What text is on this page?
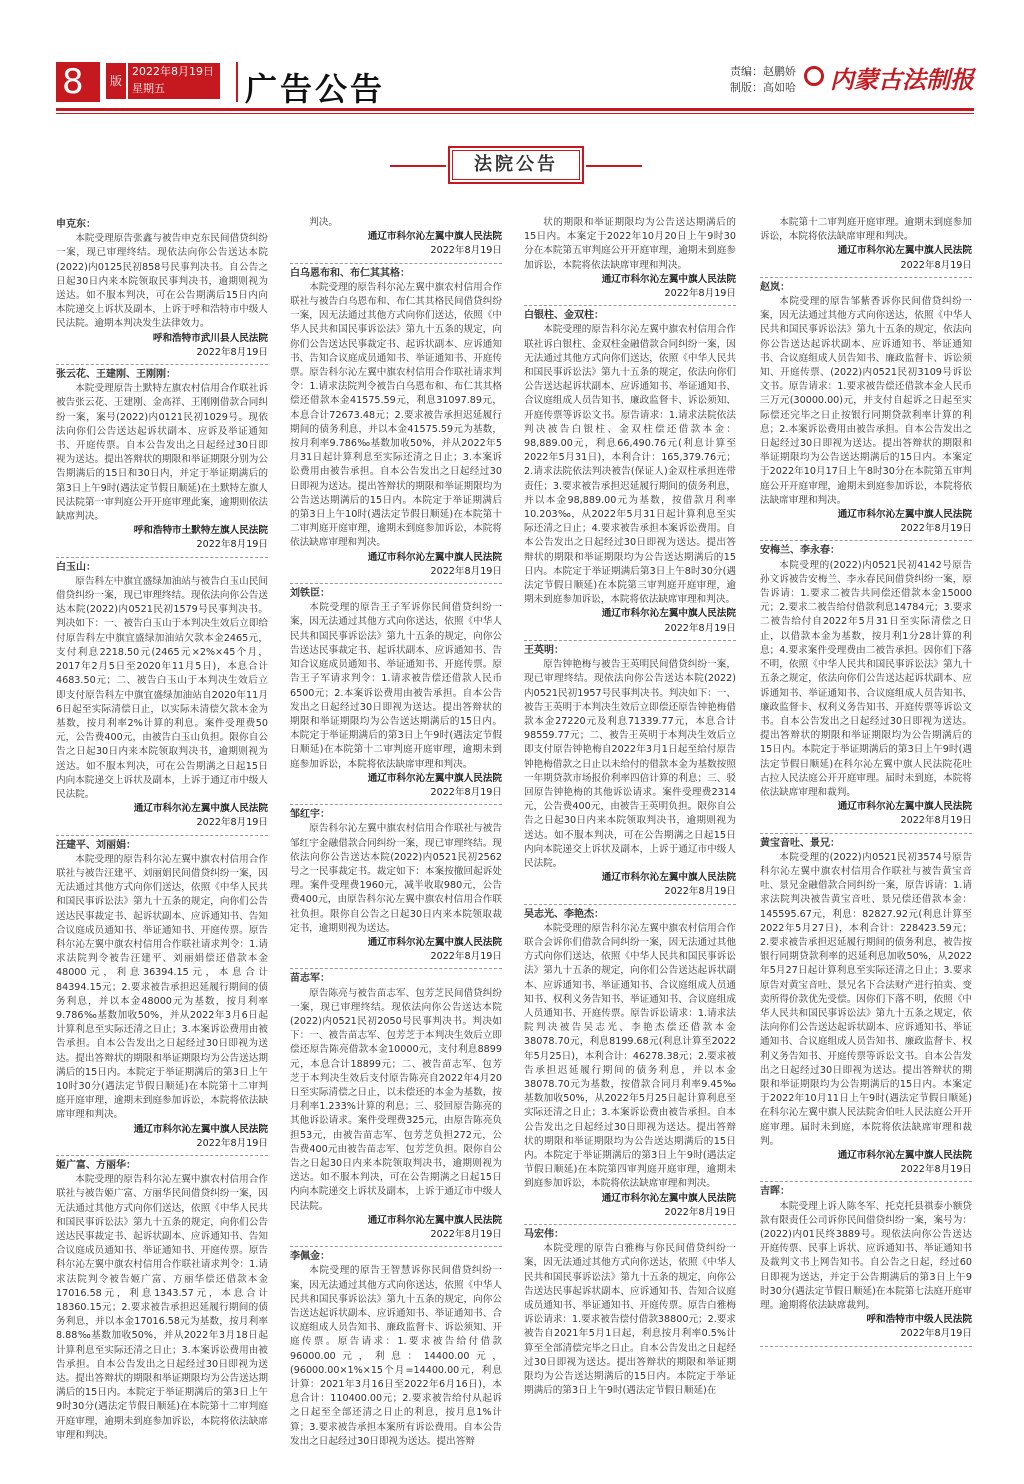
8	版
2022年8月19日
星期五	广告公告	责编：赵鹏娇
制版：高如哈	内蒙古法制报
法院公告

申克东：

本院受理原告张鑫与被告申克东民间借贷纠纷一案，现已审理终结。现依法向你公告送达本院(2022)内0125民初858号民事判决书。自公告之日起30日内来本院领取民事判决书，逾期则视为送达。如不服本判决，可在公告期满后15日内向本院递交上诉状及副本，上诉于呼和浩特市中级人民法院。逾期本判决发生法律效力。

呼和浩特市武川县人民法院

2022年8月19日

张云花、王建刚、王刚刚：

本院受理原告土默特左旗农村信用合作联社诉被告张云花、王建刚、金高祥、王刚刚借款合同纠纷一案，案号(2022)内0121民初1029号。现依法向你们公告送达起诉状副本、应诉及举证通知书、开庭传票。自本公告发出之日起经过30日即视为送达。提出答辩状的期限和举证期限分别为公告期满后的15日和30日内，并定于举证期满后的第3日上午9时(遇法定节假日顺延)在土默特左旗人民法院第一审判庭公开开庭审理此案，逾期则依法缺席判决。

呼和浩特市土默特左旗人民法院

2022年8月19日

白玉山：

原告科左中旗宜盛绿加油站与被告白玉山民间借贷纠纷一案，现已审理终结。现依法向你公告送达本院(2022)内0521民初1579号民事判决书。判决如下：一、被告白玉山于本判决生效后立即给付原告科左中旗宜盛绿加油站欠款本金2465元，支付利息2218.50元(2465元×2%×45个月，2017年2月5日至2020年11月5日)，本息合计4683.50元；二、被告白玉山于本判决生效后立即支付原告科左中旗宜盛绿加油站自2020年11月6日起至实际清偿日止，以实际未清偿欠款本金为基数，按月利率2%计算的利息。案件受理费50元，公告费400元，由被告白玉山负担。限你自公告之日起30日内来本院领取判决书，逾期则视为送达。如不服本判决，可在公告期满之日起15日内向本院递交上诉状及副本，上诉于通辽市中级人民法院。

通辽市科尔沁左翼中旗人民法院

2022年8月19日

汪建平、刘丽娟：

本院受理的原告科尔沁左翼中旗农村信用合作联社与被告汪建平、刘丽娟民间借贷纠纷一案，因无法通过其他方式向你们送达，依照《中华人民共和国民事诉讼法》第九十五条的规定，向你们公告送达民事裁定书、起诉状副本、应诉通知书、告知合议庭成员通知书、举证通知书、开庭传票。原告科尔沁左翼中旗农村信用合作联社请求判令：1.请求法院判令被告汪建平、刘丽娟偿还借款本金48000元，利息36394.15元，本息合计84394.15元；2.要求被告承担迟延履行期间的债务利息，并以本金48000元为基数，按月利率9.786‰基数加收50%，并从2022年3月6日起计算利息至实际还清之日止；3.本案诉讼费用由被告承担。自本公告发出之日起经过30日即视为送达。提出答辩状的期限和举证期限均为公告送达期满后的15日内。本院定于举证期满后的第3日上午10时30分(遇法定节假日顺延)在本院第十二审判庭开庭审理，逾期未到庭参加诉讼，本院将依法缺席审理和判决。

通辽市科尔沁左翼中旗人民法院

2022年8月19日

姬广富、方丽华：

本院受理的原告科尔沁左翼中旗农村信用合作联社与被告姬广富、方丽华民间借贷纠纷一案，因无法通过其他方式向你们送达，依照《中华人民共和国民事诉讼法》第九十五条的规定，向你们公告送达民事裁定书、起诉状副本、应诉通知书、告知合议庭成员通知书、举证通知书、开庭传票。原告科尔沁左翼中旗农村信用合作联社请求判令：1.请求法院判令被告姬广富、方丽华偿还借款本金17016.58元，利息1343.57元，本息合计18360.15元；2.要求被告承担迟延履行期间的债务利息，并以本金17016.58元为基数，按月利率8.88‰基数加收50%，并从2022年3月18日起计算利息至实际还清之日止；3.本案诉讼费用由被告承担。自本公告发出之日起经过30日即视为送达。提出答辩状的期限和举证期限均为公告送达期满后的15日内。本院定于举证期满后的第3日上午9时30分(遇法定节假日顺延)在本院第十二审判庭开庭审理，逾期未到庭参加诉讼，本院将依法缺席审理和判决。

判决。

通辽市科尔沁左翼中旗人民法院

2022年8月19日

白乌恩布和、布仁其其格：

本院受理的原告科尔沁左翼中旗农村信用合作联社与被告白乌恩布和、布仁其其格民间借贷纠纷一案，因无法通过其他方式向你们送达，依照《中华人民共和国民事诉讼法》第九十五条的规定，向你们公告送达民事裁定书、起诉状副本、应诉通知书、告知合议庭成员通知书、举证通知书、开庭传票。原告科尔沁左翼中旗农村信用合作联社请求判令：1.请求法院判令被告白乌恩布和、布仁其其格偿还借款本金41575.59元，利息31097.89元，本息合计72673.48元；2.要求被告承担迟延履行期间的债务利息，并以本金41575.59元为基数，按月利率9.786‰基数加收50%，并从2022年5月31日起计算利息至实际还清之日止；3.本案诉讼费用由被告承担。自本公告发出之日起经过30日即视为送达。提出答辩状的期限和举证期限均为公告送达期满后的15日内。本院定于举证期满后的第3日上午10时(遇法定节假日顺延)在本院第十二审判庭开庭审理，逾期未到庭参加诉讼，本院将依法缺席审理和判决。

通辽市科尔沁左翼中旗人民法院

2022年8月19日

刘铁臣：

本院受理的原告王子军诉你民间借贷纠纷一案，因无法通过其他方式向你送达，依照《中华人民共和国民事诉讼法》第九十五条的规定，向你公告送达民事裁定书、起诉状副本、应诉通知书、告知合议庭成员通知书、举证通知书、开庭传票。原告王子军请求判令：1.请求被告偿还借款人民币6500元；2.本案诉讼费用由被告承担。自本公告发出之日起经过30日即视为送达。提出答辩状的期限和举证期限均为公告送达期满后的15日内。本院定于举证期满后的第3日上午9时(遇法定节假日顺延)在本院第十二审判庭开庭审理，逾期未到庭参加诉讼，本院将依法缺席审理和判决。

通辽市科尔沁左翼中旗人民法院

2022年8月19日

邹红宇：

原告科尔沁左翼中旗农村信用合作联社与被告邹红宇金融借款合同纠纷一案，现已审理终结。现依法向你公告送达本院(2022)内0521民初2562号之一民事裁定书。裁定如下：本案按撤回起诉处理。案件受理费1960元，减半收取980元，公告费400元，由原告科尔沁左翼中旗农村信用合作联社负担。限你自公告之日起30日内来本院领取裁定书，逾期则视为送达。

通辽市科尔沁左翼中旗人民法院

2022年8月19日

苗志军：

原告陈亮与被告苗志军、包芳芝民间借贷纠纷一案，现已审理终结。现依法向你公告送达本院(2022)内0521民初2050号民事判决书。判决如下：一、被告苗志军、包芳芝于本判决生效后立即偿还原告陈亮借款本金10000元，支付利息8899元，本息合计18899元；二、被告苗志军、包芳芝于本判决生效后支付原告陈亮自2022年4月20日至实际清偿之日止，以未偿还的本金为基数，按月利率1.233%计算的利息；三、驳回原告陈亮的其他诉讼请求。案件受理费325元，由原告陈亮负担53元，由被告苗志军、包芳芝负担272元，公告费400元由被告苗志军、包芳芝负担。限你自公告之日起30日内来本院领取判决书，逾期则视为送达。如不服本判决，可在公告期满之日起15日内向本院递交上诉状及副本，上诉于通辽市中级人民法院。

通辽市科尔沁左翼中旗人民法院

2022年8月19日

李佩金：

本院受理的原告王智慧诉你民间借贷纠纷一案，因无法通过其他方式向你送达，依照《中华人民共和国民事诉讼法》第九十五条的规定，向你公告送达起诉状副本、应诉通知书、举证通知书、合议庭组成人员告知书、廉政监督卡、诉讼须知、开庭传票。原告请求：1.要求被告给付借款96000.00元，利息：14400.00元，(96000.00×1%×15个月=14400.00元，利息计算：2021年3月16日至2022年6月16日)，本息合计：110400.00元；2.要求被告给付从起诉之日起至全部还清之日止的利息，按月息1%计算；3.要求被告承担本案所有诉讼费用。自本公告发出之日起经过30日即视为送达。提出答辩

状的期限和举证期限均为公告送达期满后的15日内。本案定于2022年10月20日上午9时30分在本院第五审判庭公开开庭审理，逾期未到庭参加诉讼，本院将依法缺席审理和判决。

通辽市科尔沁左翼中旗人民法院

2022年8月19日

白银柱、金双柱：

本院受理的原告科尔沁左翼中旗农村信用合作联社诉白银柱、金双柱金融借款合同纠纷一案，因无法通过其他方式向你们送达，依照《中华人民共和国民事诉讼法》第九十五条的规定，依法向你们公告送达起诉状副本、应诉通知书、举证通知书、合议庭组成人员告知书、廉政监督卡、诉讼须知、开庭传票等诉讼文书。原告请求：1.请求法院依法判决被告白银柱、金双柱偿还借款本金：98,889.00元，利息66,490.76元(利息计算至2022年5月31日)，本利合计：165,379.76元；2.请求法院依法判决被告(保证人)金双柱承担连带责任；3.要求被告承担迟延履行期间的债务利息，并以本金98,889.00元为基数，按借款月利率10.203‰，从2022年5月31日起计算利息至实际还清之日止；4.要求被告承担本案诉讼费用。自本公告发出之日起经过30日即视为送达。提出答辩状的期限和举证期限均为公告送达期满后的15日内。本院定于举证期满后第3日上午8时30分(遇法定节假日顺延)在本院第三审判庭开庭审理，逾期未到庭参加诉讼，本院将依法缺席审理和判决。

通辽市科尔沁左翼中旗人民法院

2022年8月19日

王英明：

原告钟艳梅与被告王英明民间借贷纠纷一案，现已审理终结。现依法向你公告送达本院(2022)内0521民初1957号民事判决书。判决如下：一、被告王英明于本判决生效后立即偿还原告钟艳梅借款本金27220元及利息71339.77元，本息合计98559.77元；二、被告王英明于本判决生效后立即支付原告钟艳梅自2022年3月1日起至给付原告钟艳梅借款之日止以未给付的借款本金为基数按照一年期贷款市场报价利率四倍计算的利息；三、驳回原告钟艳梅的其他诉讼请求。案件受理费2314元，公告费400元，由被告王英明负担。限你自公告之日起30日内来本院领取判决书，逾期则视为送达。如不服本判决，可在公告期满之日起15日内向本院递交上诉状及副本，上诉于通辽市中级人民法院。

通辽市科尔沁左翼中旗人民法院

2022年8月19日

吴志光、李艳杰：

本院受理的原告科尔沁左翼中旗农村信用合作联合会诉你们借款合同纠纷一案，因无法通过其他方式向你们送达，依照《中华人民共和国民事诉讼法》第九十五条的规定，向你们公告送达起诉状副本、应诉通知书、举证通知书、合议庭组成人员通知书、权利义务告知书、举证通知书、合议庭组成人员通知书、开庭传票。原告诉讼请求：1.请求法院判决被告吴志光、李艳杰偿还借款本金38078.70元，利息8199.68元(利息计算至2022年5月25日)，本利合计：46278.38元；2.要求被告承担迟延履行期间的债务利息，并以本金38078.70元为基数，按借款合同月利率9.45‰基数加收50%，从2022年5月25日起计算利息至实际还清之日止；3.本案诉讼费由被告承担。自本公告发出之日起经过30日即视为送达。提出答辩状的期限和举证期限均为公告送达期满后的15日内。本院定于举证期满后的第3日上午9时(遇法定节假日顺延)在本院第四审判庭开庭审理，逾期未到庭参加诉讼，本院将依法缺席审理和判决。

通辽市科尔沁左翼中旗人民法院

2022年8月19日

马宏伟：

本院受理的原告白雅梅与你民间借贷纠纷一案，因无法通过其他方式向你送达，依照《中华人民共和国民事诉讼法》第九十五条的规定，向你公告送达民事起诉状副本、应诉通知书、告知合议庭成员通知书、举证通知书、开庭传票。原告白雅梅诉讼请求：1.要求被告偿付借款38800元；2.要求被告自2021年5月1日起，利息按月利率0.5%计算至全部清偿完毕之日止。自本公告发出之日起经过30日即视为送达。提出答辩状的期限和举证期限均为公告送达期满后的15日内。本院定于举证期满后的第3日上午9时(遇法定节假日顺延)在

本院第十二审判庭开庭审理。逾期未到庭参加诉讼，本院将依法缺席审理和判决。

通辽市科尔沁左翼中旗人民法院

2022年8月19日

赵岚：

本院受理的原告邹紫香诉你民间借贷纠纷一案，因无法通过其他方式向你送达，依照《中华人民共和国民事诉讼法》第九十五条的规定，依法向你公告送达起诉状副本、应诉通知书、举证通知书、合议庭组成人员告知书、廉政监督卡、诉讼须知、开庭传票、(2022)内0521民初3109号诉讼文书。原告请求：1.要求被告偿还借款本金人民币三万元(30000.00)元，并支付自起诉之日起至实际偿还完毕之日止按银行同期贷款利率计算的利息；2.本案诉讼费用由被告承担。自本公告发出之日起经过30日即视为送达。提出答辩状的期限和举证期限均为公告送达期满后的15日内。本案定于2022年10月17日上午8时30分在本院第五审判庭公开开庭审理，逾期未到庭参加诉讼，本院将依法缺席审理和判决。

通辽市科尔沁左翼中旗人民法院

2022年8月19日

安梅兰、李永春：

本院受理的(2022)内0521民初4142号原告孙文诉被告安梅兰、李永春民间借贷纠纷一案，原告诉请：1.要求二被告共同偿还借款本金15000元；2.要求二被告给付借款利息14784元；3.要求二被告给付自2022年5月31日至实际清偿之日止，以借款本金为基数，按月利1分28计算的利息；4.要求案件受理费由二被告承担。因你们下落不明，依照《中华人民共和国民事诉讼法》第九十五条之规定，依法向你们公告送达起诉状副本、应诉通知书、举证通知书、合议庭组成人员告知书、廉政监督卡、权利义务告知书、开庭传票等诉讼文书。自本公告发出之日起经过30日即视为送达。提出答辩状的期限和举证期限均为公告期满后的15日内。本院定于举证期满后的第3日上午9时(遇法定节假日顺延)在科尔沁左翼中旗人民法院花吐古拉人民法庭公开开庭审理。届时未到庭，本院将依法缺席审理和裁判。

通辽市科尔沁左翼中旗人民法院

2022年8月19日

黄宝音吐、景兄：

本院受理的(2022)内0521民初3574号原告科尔沁左翼中旗农村信用合作联社与被告黄宝音吐、景兄金融借款合同纠纷一案，原告诉请：1.请求法院判决被告黄宝音吐、景兄偿还借款本金：145595.67元，利息：82827.92元(利息计算至2022年5月27日)，本利合计：228423.59元；2.要求被告承担迟延履行期间的债务利息，被告按银行同期贷款利率的迟延利息加收50%，从2022年5月27日起计算利息至实际还清之日止；3.要求原告对黄宝音吐、景兄名下合法财产进行拍卖、变卖所得价款优先受偿。因你们下落不明，依照《中华人民共和国民事诉讼法》第九十五条之规定，依法向你们公告送达起诉状副本、应诉通知书、举证通知书、合议庭组成人员告知书、廉政监督卡、权利义务告知书、开庭传票等诉讼文书。自本公告发出之日起经过30日即视为送达。提出答辩状的期限和举证期限均为公告期满后的15日内。本案定于2022年10月11日上午9时(遇法定节假日顺延)在科尔沁左翼中旗人民法院舍伯吐人民法庭公开开庭审理。届时未到庭，本院将依法缺席审理和裁判。

通辽市科尔沁左翼中旗人民法院

2022年8月19日

吉晖：

本院受理上诉人陈冬军、托克托县祺泰小额贷款有限责任公司诉你民间借贷纠纷一案，案号为：(2022)内01民终3889号。现依法向你公告送达开庭传票、民事上诉状、应诉通知书、举证通知书及裁判文书上网告知书。自公告之日起，经过60日即视为送达，并定于公告期满后的第3日上午9时30分(遇法定节假日顺延)在本院第七法庭开庭审理。逾期将依法缺席裁判。

呼和浩特市中级人民法院

2022年8月19日
